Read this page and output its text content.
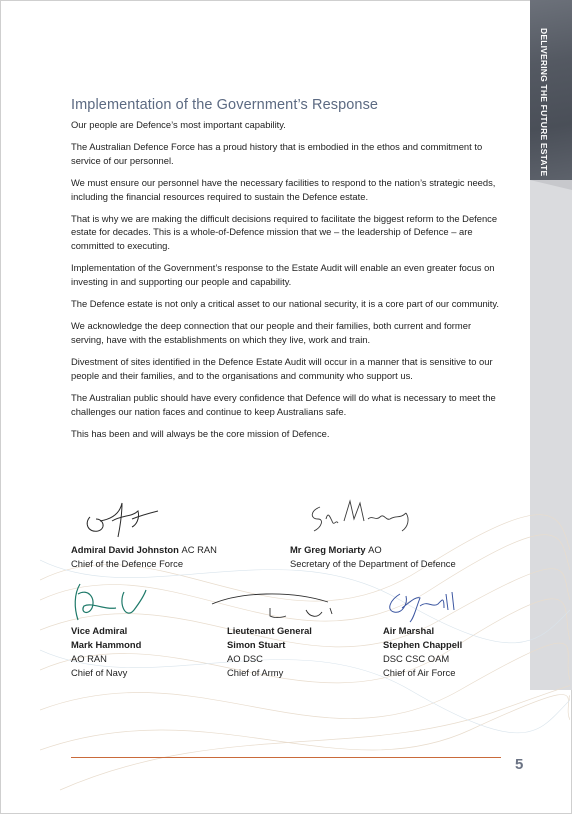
DELIVERING THE FUTURE ESTATE
Implementation of the Government’s Response

Our people are Defence’s most important capability.

The Australian Defence Force has a proud history that is embodied in the ethos and commitment to service of our personnel.

We must ensure our personnel have the necessary facilities to respond to the nation’s strategic needs, including the financial resources required to sustain the Defence estate.

That is why we are making the difficult decisions required to facilitate the biggest reform to the Defence estate for decades. This is a whole-of-Defence mission that we – the leadership of Defence – are committed to executing.

Implementation of the Government’s response to the Estate Audit will enable an even greater focus on investing in and supporting our people and capability.

The Defence estate is not only a critical asset to our national security, it is a core part of our community.

We acknowledge the deep connection that our people and their families, both current and former serving, have with the establishments on which they live, work and train.

Divestment of sites identified in the Defence Estate Audit will occur in a manner that is sensitive to our people and their families, and to the organisations and community who support us.

The Australian public should have every confidence that Defence will do what is necessary to meet the challenges our nation faces and continue to keep Australians safe.

This has been and will always be the core mission of Defence.

Admiral David Johnston AC RAN
Chief of the Defence Force
Mr Greg Moriarty AO
Secretary of the Department of Defence
Vice Admiral
Mark Hammond
AO RAN
Chief of Navy
Lieutenant General
Simon Stuart
AO DSC
Chief of Army
Air Marshal
Stephen Chappell
DSC CSC OAM
Chief of Air Force
5
